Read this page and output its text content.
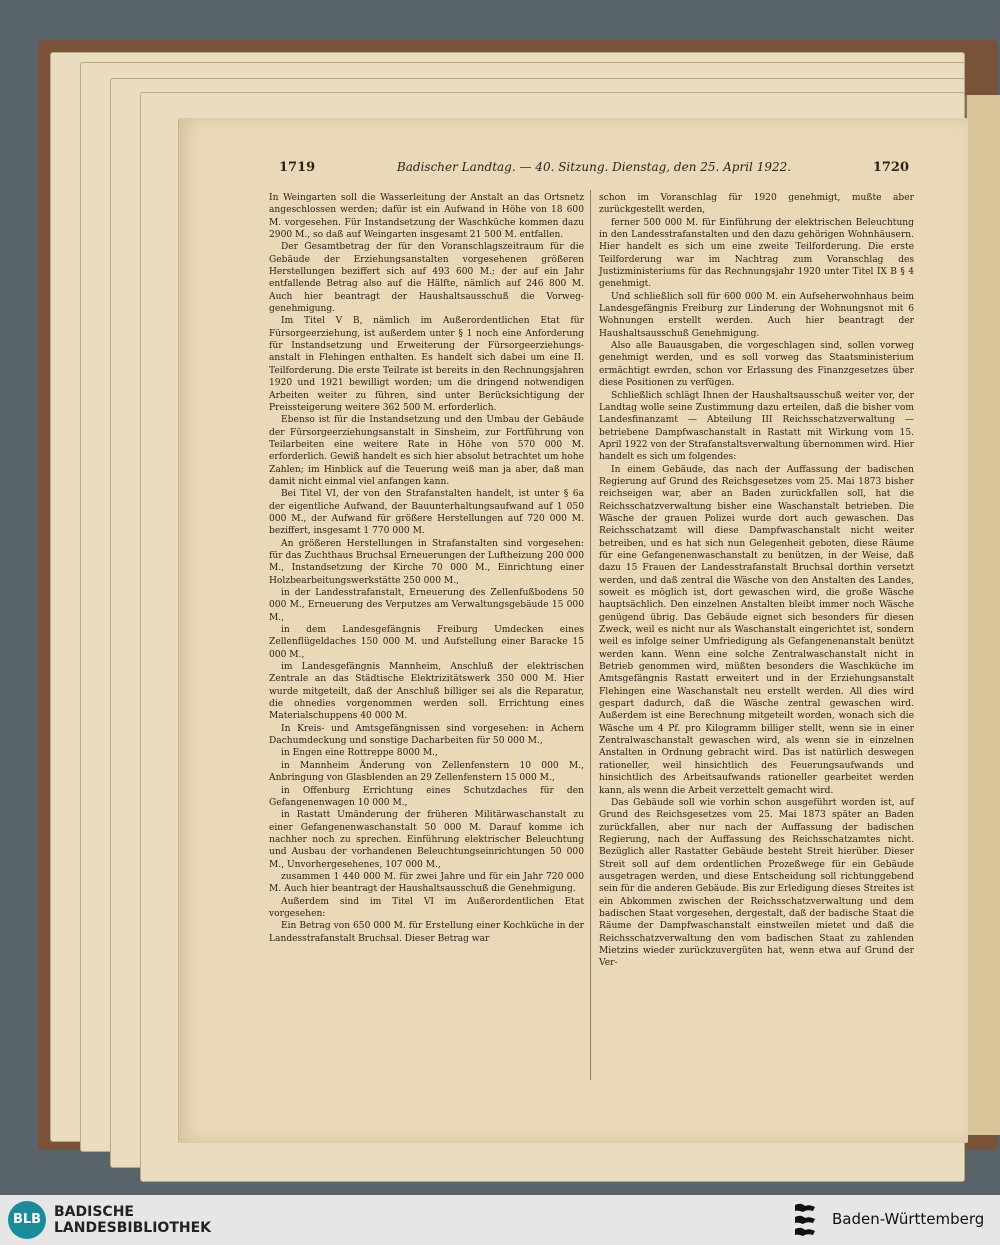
1719	Badischer Landtag. — 40. Sitzung. Dienstag, den 25. April 1922.	1720

In Weingarten soll die Wasserleitung der Anstalt an das Ortsnetz angeschlossen werden; dafür ist ein Aufwand in Höhe von 18 600 M. vorgesehen. Für Instandsetzung der Waschküche kommen dazu 2900 M., so daß auf Weingarten insgesamt 21 500 M. entfallen.

Der Gesamtbetrag der für den Voranschlagszeitraum für die Gebäude der Erziehungsanstalten vorgesehenen größeren Herstellungen beziffert sich auf 493 600 M.; der auf ein Jahr entfallende Betrag also auf die Hälfte, nämlich auf 246 800 M. Auch hier beantragt der Haushaltsausschuß die Vorweg-genehmigung.

Im Titel V B, nämlich im Außerordentlichen Etat für Fürsorgeerziehung, ist außerdem unter § 1 noch eine Anforderung für Instandsetzung und Erweiterung der Fürsorgeerziehungs-anstalt in Flehingen enthalten. Es handelt sich dabei um eine II. Teilforderung. Die erste Teilrate ist bereits in den Rechnungsjahren 1920 und 1921 bewilligt worden; um die dringend notwendigen Arbeiten weiter zu führen, sind unter Berücksichtigung der Preissteigerung weitere 362 500 M. erforderlich.

Ebenso ist für die Instandsetzung und den Umbau der Gebäude der Fürsorgeerziehungsanstalt in Sinsheim, zur Fortführung von Teilarbeiten eine weitere Rate in Höhe von 570 000 M. erforderlich. Gewiß handelt es sich hier absolut betrachtet um hohe Zahlen; im Hinblick auf die Teuerung weiß man ja aber, daß man damit nicht einmal viel anfangen kann.

Bei Titel VI, der von den Strafanstalten handelt, ist unter § 6a der eigentliche Aufwand, der Bauunterhaltungsaufwand auf 1 050 000 M., der Aufwand für größere Herstellungen auf 720 000 M. beziffert, insgesamt 1 770 000 M.

An größeren Herstellungen in Strafanstalten sind vorgesehen: für das Zuchthaus Bruchsal Erneuerungen der Luftheizung 200 000 M., Instandsetzung der Kirche 70 000 M., Einrichtung einer Holzbearbeitungswerkstätte 250 000 M.,

in der Landesstrafanstalt, Erneuerung des Zellenfußbodens 50 000 M., Erneuerung des Verputzes am Verwaltungsgebäude 15 000 M.,

in dem Landesgefängnis Freiburg Umdecken eines Zellenflügeldaches 150 000 M. und Aufstellung einer Baracke 15 000 M.,

im Landesgefängnis Mannheim, Anschluß der elektrischen Zentrale an das Städtische Elektrizitätswerk 350 000 M. Hier wurde mitgeteilt, daß der Anschluß billiger sei als die Reparatur, die ohnedies vorgenommen werden soll. Errichtung eines Materialschuppens 40 000 M.

In Kreis- und Amtsgefängnissen sind vorgesehen: in Achern Dachumdeckung und sonstige Dacharbeiten für 50 000 M.,

in Engen eine Rottreppe 8000 M.,

in Mannheim Änderung von Zellenfenstern 10 000 M., Anbringung von Glasblenden an 29 Zellenfenstern 15 000 M.,

in Offenburg Errichtung eines Schutzdaches für den Gefangenenwagen 10 000 M.,

in Rastatt Umänderung der früheren Militärwaschanstalt zu einer Gefangenenwaschanstalt 50 000 M. Darauf komme ich nachher noch zu sprechen. Einführung elektrischer Beleuchtung und Ausbau der vorhandenen Beleuchtungseinrichtungen 50 000 M., Unvorhergesehenes, 107 000 M.,

zusammen 1 440 000 M. für zwei Jahre und für ein Jahr 720 000 M. Auch hier beantragt der Haushaltsausschuß die Genehmigung.

Außerdem sind im Titel VI im Außerordentlichen Etat vorgesehen:

Ein Betrag von 650 000 M. für Erstellung einer Kochküche in der Landesstrafanstalt Bruchsal. Dieser Betrag war

schon im Voranschlag für 1920 genehmigt, mußte aber zurückgestellt werden,

ferner 500 000 M. für Einführung der elektrischen Beleuchtung in den Landesstrafanstalten und den dazu gehörigen Wohnhäusern. Hier handelt es sich um eine zweite Teilforderung. Die erste Teilforderung war im Nachtrag zum Voranschlag des Justizministeriums für das Rechnungsjahr 1920 unter Titel IX B § 4 genehmigt.

Und schließlich soll für 600 000 M. ein Aufseherwohnhaus beim Landesgefängnis Freiburg zur Linderung der Wohnungsnot mit 6 Wohnungen erstellt werden. Auch hier beantragt der Haushaltsausschuß Genehmigung.

Also alle Bauausgaben, die vorgeschlagen sind, sollen vorweg genehmigt werden, und es soll vorweg das Staatsministerium ermächtigt ewrden, schon vor Erlassung des Finanzgesetzes über diese Positionen zu verfügen.

Schließlich schlägt Ihnen der Haushaltsausschuß weiter vor, der Landtag wolle seine Zustimmung dazu erteilen, daß die bisher vom Landesfinanzamt — Abteilung III Reichsschatzverwaltung — betriebene Dampfwaschanstalt in Rastatt mit Wirkung vom 15. April 1922 von der Strafanstaltsverwaltung übernommen wird. Hier handelt es sich um folgendes:

In einem Gebäude, das nach der Auffassung der badischen Regierung auf Grund des Reichsgesetzes vom 25. Mai 1873 bisher reichseigen war, aber an Baden zurückfallen soll, hat die Reichsschatzverwaltung bisher eine Waschanstalt betrieben. Die Wäsche der grauen Polizei wurde dort auch gewaschen. Das Reichsschatzamt will diese Dampfwaschanstalt nicht weiter betreiben, und es hat sich nun Gelegenheit geboten, diese Räume für eine Gefangenenwaschanstalt zu benützen, in der Weise, daß dazu 15 Frauen der Landesstrafanstalt Bruchsal dorthin versetzt werden, und daß zentral die Wäsche von den Anstalten des Landes, soweit es möglich ist, dort gewaschen wird, die große Wäsche hauptsächlich. Den einzelnen Anstalten bleibt immer noch Wäsche genügend übrig. Das Gebäude eignet sich besonders für diesen Zweck, weil es nicht nur als Waschanstalt eingerichtet ist, sondern weil es infolge seiner Umfriedigung als Gefangenenanstalt benützt werden kann. Wenn eine solche Zentralwaschanstalt nicht in Betrieb genommen wird, müßten besonders die Waschküche im Amtsgefängnis Rastatt erweitert und in der Erziehungsanstalt Flehingen eine Waschanstalt neu erstellt werden. All dies wird gespart dadurch, daß die Wäsche zentral gewaschen wird. Außerdem ist eine Berechnung mitgeteilt worden, wonach sich die Wäsche um 4 Pf. pro Kilogramm billiger stellt, wenn sie in einer Zentralwaschanstalt gewaschen wird, als wenn sie in einzelnen Anstalten in Ordnung gebracht wird. Das ist natürlich deswegen rationeller, weil hinsichtlich des Feuerungsaufwands und hinsichtlich des Arbeitsaufwands rationeller gearbeitet werden kann, als wenn die Arbeit verzettelt gemacht wird.

Das Gebäude soll wie vorhin schon ausgeführt worden ist, auf Grund des Reichsgesetzes vom 25. Mai 1873 später an Baden zurückfallen, aber nur nach der Auffassung der badischen Regierung, nach der Auffassung des Reichsschatzamtes nicht. Bezüglich aller Rastatter Gebäude besteht Streit hierüber. Dieser Streit soll auf dem ordentlichen Prozeßwege für ein Gebäude ausgetragen werden, und diese Entscheidung soll richtunggebend sein für die anderen Gebäude. Bis zur Erledigung dieses Streites ist ein Abkommen zwischen der Reichsschatzverwaltung und dem badischen Staat vorgesehen, dergestalt, daß der badische Staat die Räume der Dampfwaschanstalt einstweilen mietet und daß die Reichsschatzverwaltung den vom badischen Staat zu zahlenden Mietzins wieder zurückzuvergüten hat, wenn etwa auf Grund der Ver-

BLB BADISCHE
LANDESBIBLIOTHEK	Baden-Württemberg
